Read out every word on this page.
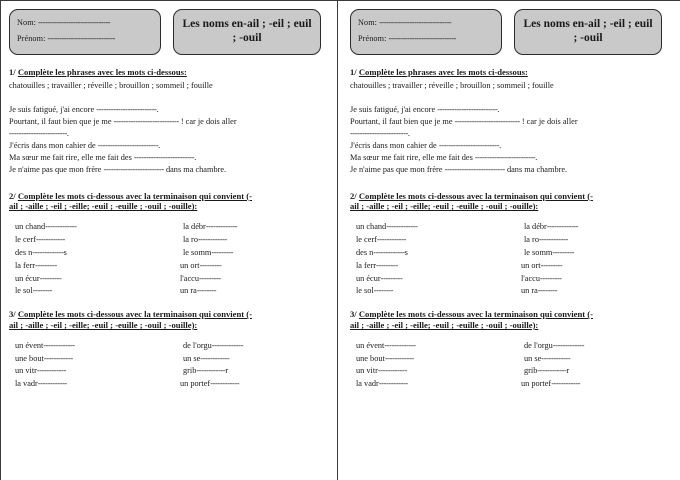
Nom: -------------------------------
Prénom: -----------------------------
Les noms en-ail ; -eil ; euil ; -ouil
1/ Complète les phrases avec les mots ci-dessous:
chatouilles ; travailler ; réveille ; brouillon ; sommeil ; fouille
Je suis fatigué, j'ai encore -------------------------.
Pourtant, il faut bien que je me --------------------------- ! car je dois aller
------------------------.
J'écris dans mon cahier de -------------------------.
Ma sœur me fait rire, elle me fait des -------------------------.
Je n'aime pas que mon frère ------------------------- dans ma chambre.
2/ Complète les mots ci-dessous avec la terminaison qui convient (-
ail ; -aille ; -eil ; -eille; -euil ; -euille ; -ouil ; -ouille):
un chand-------------
le cerf------------
des n-------------s
la ferr---------
un écur---------
le sol--------
la débr-------------
la ro------------
le somm---------
un ort---------
l'accu---------
un ra--------
3/ Complète les mots ci-dessous avec la terminaison qui convient (-
ail ; -aille ; -eil ; -eille; -euil ; -euille ; -ouil ; -ouille):
un évent-------------
une bout------------
un vitr------------
la vadr------------
de l'orgu-------------
un se------------
grib------------r
un portef------------
Nom: -------------------------------
Prénom: -----------------------------
Les noms en-ail ; -eil ; euil ; -ouil
1/ Complète les phrases avec les mots ci-dessous:
chatouilles ; travailler ; réveille ; brouillon ; sommeil ; fouille
Je suis fatigué, j'ai encore -------------------------.
Pourtant, il faut bien que je me --------------------------- ! car je dois aller
------------------------.
J'écris dans mon cahier de -------------------------.
Ma sœur me fait rire, elle me fait des -------------------------.
Je n'aime pas que mon frère ------------------------- dans ma chambre.
2/ Complète les mots ci-dessous avec la terminaison qui convient (-
ail ; -aille ; -eil ; -eille; -euil ; -euille ; -ouil ; -ouille):
un chand-------------
le cerf------------
des n-------------s
la ferr---------
un écur---------
le sol--------
la débr-------------
la ro------------
le somm---------
un ort---------
l'accu---------
un ra--------
3/ Complète les mots ci-dessous avec la terminaison qui convient (-
ail ; -aille ; -eil ; -eille; -euil ; -euille ; -ouil ; -ouille):
un évent-------------
une bout------------
un vitr------------
la vadr------------
de l'orgu-------------
un se------------
grib------------r
un portef------------
